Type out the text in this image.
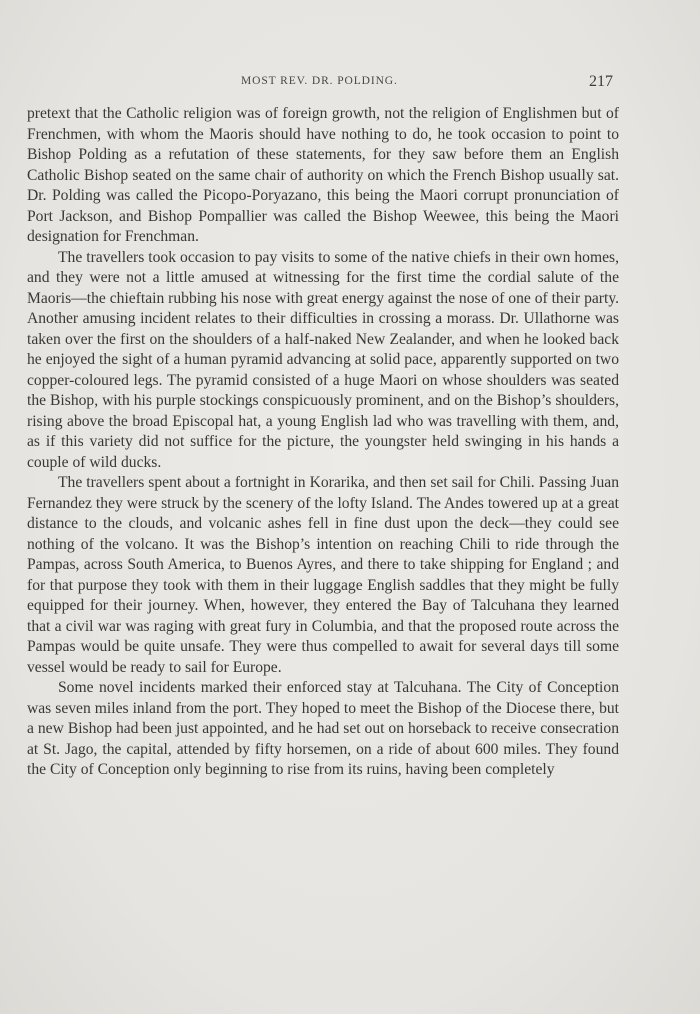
MOST REV. DR. POLDING.	217

pretext that the Catholic religion was of foreign growth, not the religion of Englishmen but of Frenchmen, with whom the Maoris should have nothing to do, he took occasion to point to Bishop Polding as a refutation of these statements, for they saw before them an English Catholic Bishop seated on the same chair of authority on which the French Bishop usually sat. Dr. Polding was called the Picopo-Poryazano, this being the Maori corrupt pronunciation of Port Jackson, and Bishop Pompallier was called the Bishop Weewee, this being the Maori designation for Frenchman.

The travellers took occasion to pay visits to some of the native chiefs in their own homes, and they were not a little amused at witnessing for the first time the cordial salute of the Maoris—the chieftain rubbing his nose with great energy against the nose of one of their party. Another amusing incident relates to their difficulties in crossing a morass. Dr. Ullathorne was taken over the first on the shoulders of a half-naked New Zealander, and when he looked back he enjoyed the sight of a human pyramid advancing at solid pace, apparently supported on two copper-coloured legs. The pyramid consisted of a huge Maori on whose shoulders was seated the Bishop, with his purple stockings conspicuously prominent, and on the Bishop’s shoulders, rising above the broad Episcopal hat, a young English lad who was travelling with them, and, as if this variety did not suffice for the picture, the youngster held swinging in his hands a couple of wild ducks.

The travellers spent about a fortnight in Korarika, and then set sail for Chili. Passing Juan Fernandez they were struck by the scenery of the lofty Island. The Andes towered up at a great distance to the clouds, and volcanic ashes fell in fine dust upon the deck—they could see nothing of the volcano. It was the Bishop’s intention on reaching Chili to ride through the Pampas, across South America, to Buenos Ayres, and there to take shipping for England ; and for that purpose they took with them in their luggage English saddles that they might be fully equipped for their journey. When, however, they entered the Bay of Talcuhana they learned that a civil war was raging with great fury in Columbia, and that the proposed route across the Pampas would be quite unsafe. They were thus compelled to await for several days till some vessel would be ready to sail for Europe.

Some novel incidents marked their enforced stay at Talcuhana. The City of Conception was seven miles inland from the port. They hoped to meet the Bishop of the Diocese there, but a new Bishop had been just appointed, and he had set out on horseback to receive consecration at St. Jago, the capital, attended by fifty horsemen, on a ride of about 600 miles. They found the City of Conception only beginning to rise from its ruins, having been completely
